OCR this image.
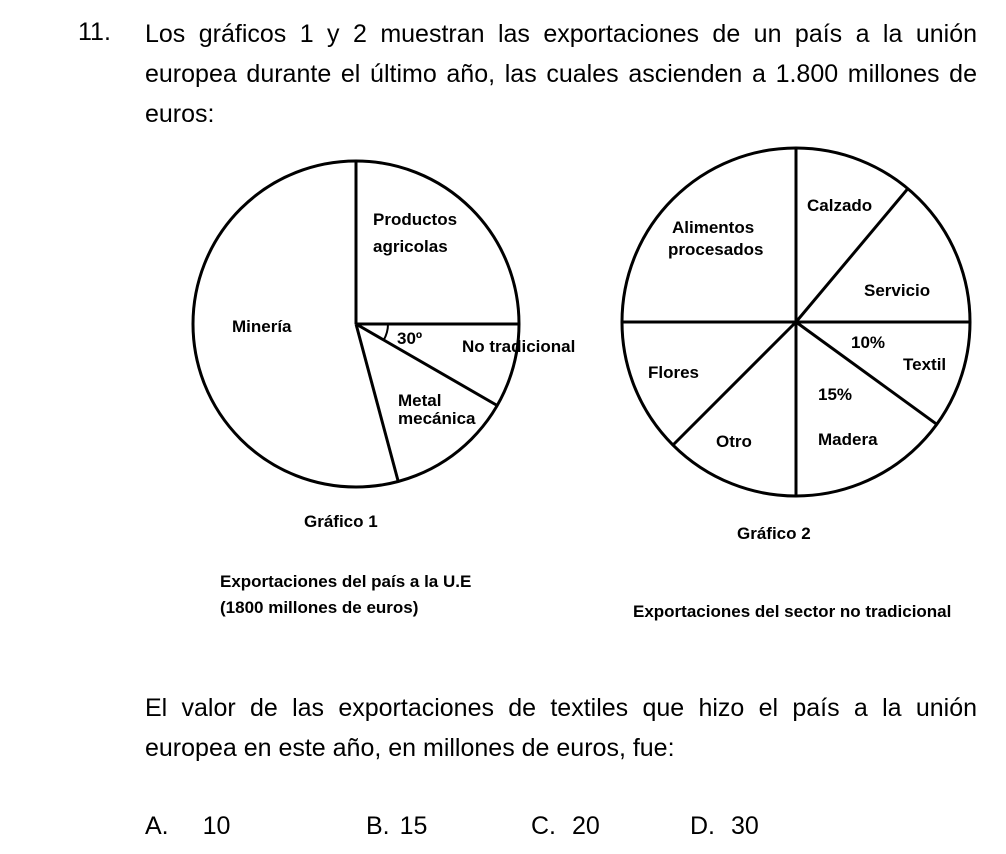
11. Los gráficos 1 y 2 muestran las exportaciones de un país a la unión
europea durante el último año, las cuales ascienden a 1.800 millones de
euros:
Productos
agricolas
Minería
30º No tradicional
Metal
mecánica
Gráfico 1
Exportaciones del país a la U.E
(1800 millones de euros)
Calzado
Alimentos
procesados
Servicio
10%
Textil
Flores
15%
Otro	Madera
Gráfico 2
Exportaciones del sector no tradicional
El valor de las exportaciones de textiles que hizo el país a la unión
europea en este año, en millones de euros, fue:
A. 10	B. 15	C. 20	D. 30
